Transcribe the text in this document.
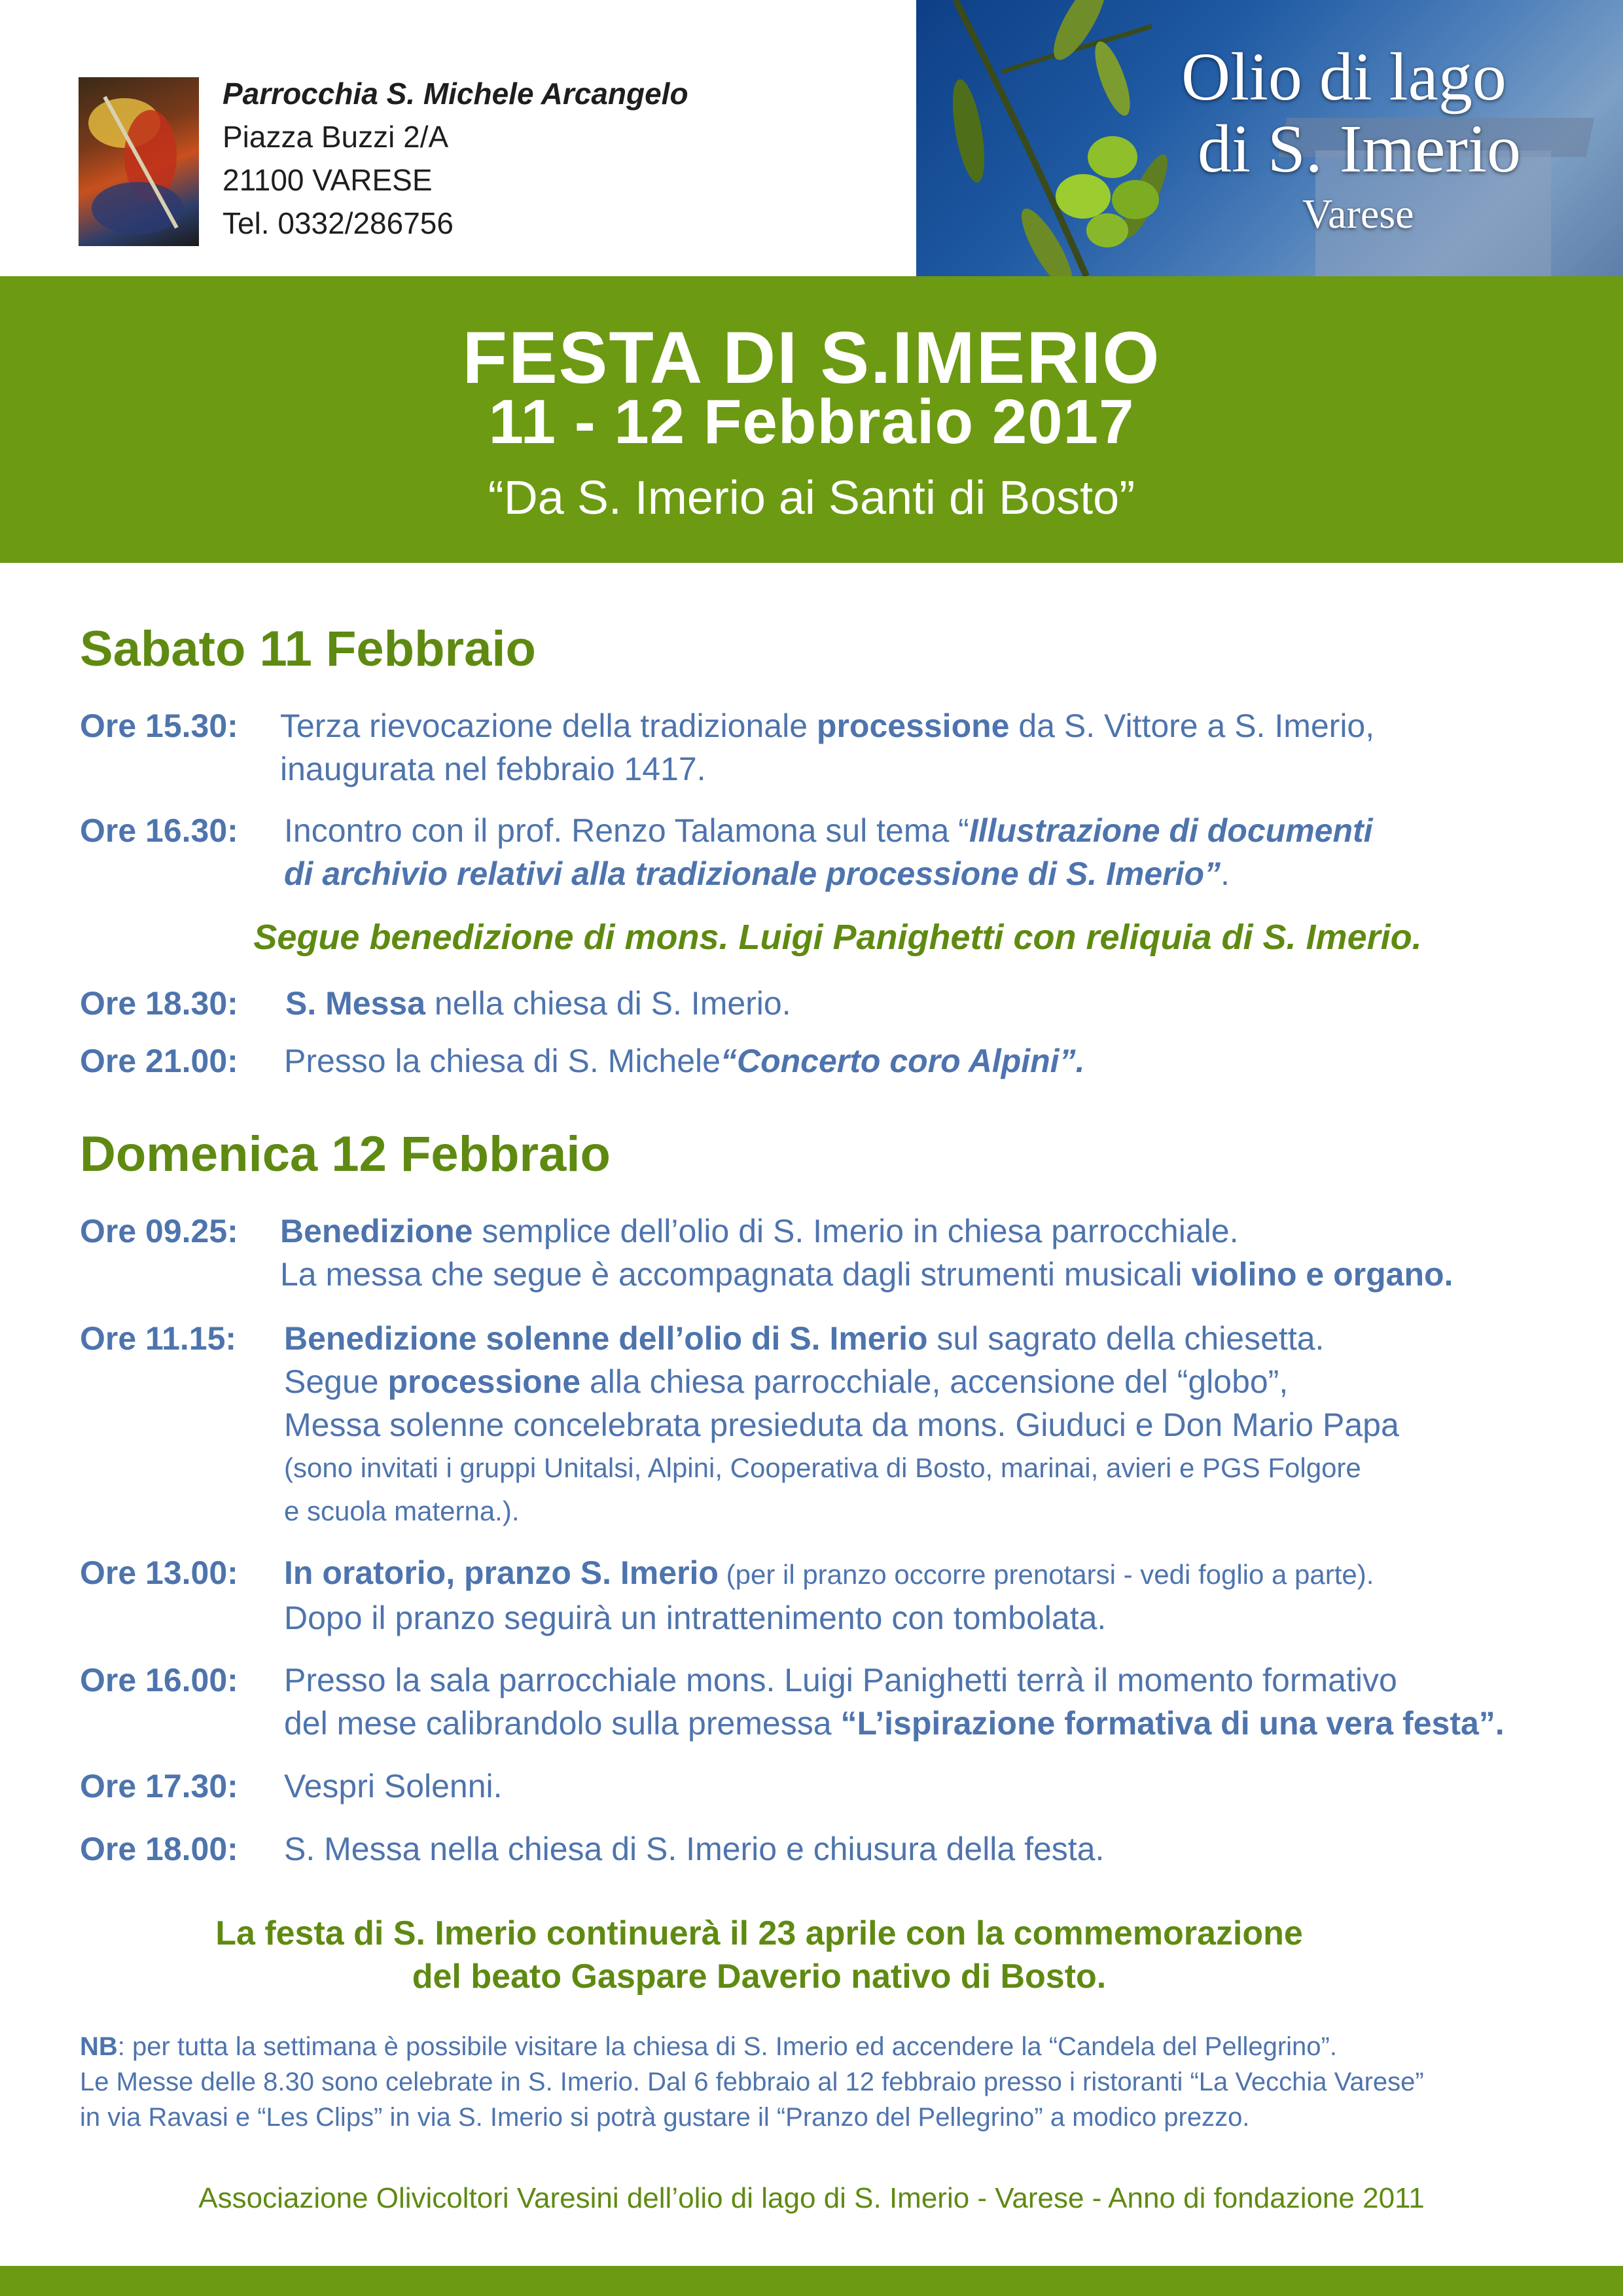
Parrocchia S. Michele Arcangelo
Piazza Buzzi 2/A
21100 VARESE
Tel. 0332/286756
Olio di lago
di S. Imerio
Varese
FESTA DI S.IMERIO
11 - 12 Febbraio 2017
“Da S. Imerio ai Santi di Bosto”
Sabato 11 Febbraio
Ore 15.30: Terza rievocazione della tradizionale processione da S. Vittore a S. Imerio,
inaugurata nel febbraio 1417.
Ore 16.30: Incontro con il prof. Renzo Talamona sul tema “Illustrazione di documenti
di archivio relativi alla tradizionale processione di S. Imerio”.
Segue benedizione di mons. Luigi Panighetti con reliquia di S. Imerio.
Ore 18.30: S. Messa nella chiesa di S. Imerio.
Ore 21.00: Presso la chiesa di S. Michele“Concerto coro Alpini”.
Domenica 12 Febbraio
Ore 09.25: Benedizione semplice dell’olio di S. Imerio in chiesa parrocchiale.
La messa che segue è accompagnata dagli strumenti musicali violino e organo.
Ore 11.15: Benedizione solenne dell’olio di S. Imerio sul sagrato della chiesetta.
Segue processione alla chiesa parrocchiale, accensione del “globo”,
Messa solenne concelebrata presieduta da mons. Giuduci e Don Mario Papa
(sono invitati i gruppi Unitalsi, Alpini, Cooperativa di Bosto, marinai, avieri e PGS Folgore
e scuola materna.).
Ore 13.00: In oratorio, pranzo S. Imerio (per il pranzo occorre prenotarsi - vedi foglio a parte).
Dopo il pranzo seguirà un intrattenimento con tombolata.
Ore 16.00: Presso la sala parrocchiale mons. Luigi Panighetti terrà il momento formativo
del mese calibrandolo sulla premessa “L’ispirazione formativa di una vera festa”.
Ore 17.30: Vespri Solenni.
Ore 18.00: S. Messa nella chiesa di S. Imerio e chiusura della festa.
La festa di S. Imerio continuerà il 23 aprile con la commemorazione
del beato Gaspare Daverio nativo di Bosto.
NB: per tutta la settimana è possibile visitare la chiesa di S. Imerio ed accendere la “Candela del Pellegrino”.
Le Messe delle 8.30 sono celebrate in S. Imerio. Dal 6 febbraio al 12 febbraio presso i ristoranti “La Vecchia Varese”
in via Ravasi e “Les Clips” in via S. Imerio si potrà gustare il “Pranzo del Pellegrino” a modico prezzo.
Associazione Olivicoltori Varesini dell’olio di lago di S. Imerio - Varese - Anno di fondazione 2011
